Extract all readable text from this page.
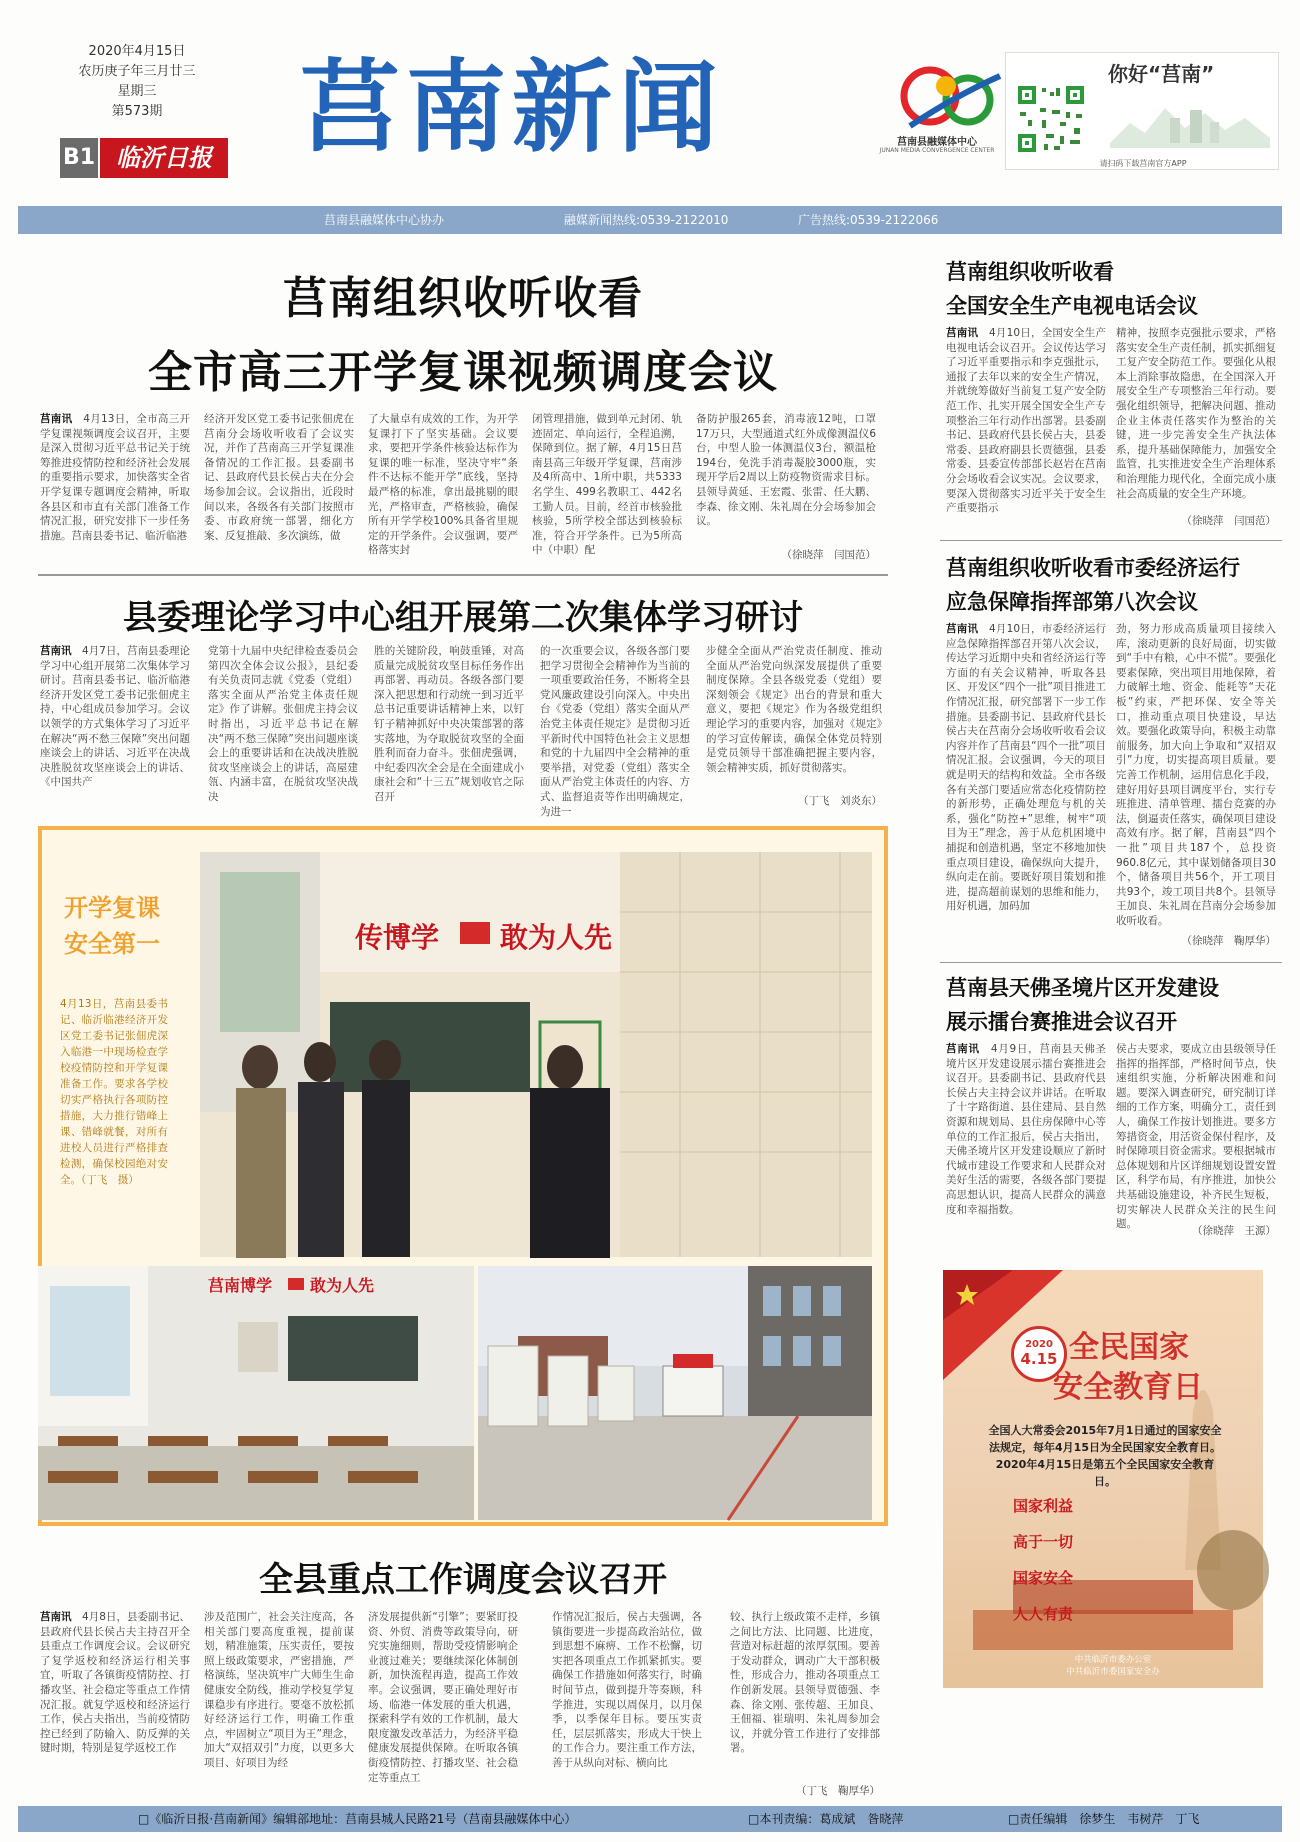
2020年4月15日
农历庚子年三月廿三
星期三
第573期
B1 临沂日报 莒南新闻	莒南县融媒体中心
JUNAN MEDIA CONVERGENCE CENTER
你好“莒南”
请扫码下载莒南官方APP
莒南县融媒体中心协办	融媒新闻热线:0539-2122010	广告热线:0539-2122066
莒南组织收听收看
全市高三开学复课视频调度会议
莒南讯　 4月13日，全市高三开学复课视频调度会议召开，主要是深入贯彻习近平总书记关于统筹推进疫情防控和经济社会发展的重要指示要求，加快落实全省开学复课专题调度会精神，听取各县区和市直有关部门准备工作情况汇报，研究安排下一步任务措施。莒南县委书记、临沂临港
经济开发区党工委书记张佃虎在莒南分会场收听收看了会议实况，并作了莒南高三开学复课准备情况的工作汇报。县委副书记、县政府代县长侯占夫在分会场参加会议。会议指出，近段时间以来，各级各有关部门按照市委、市政府统一部署，细化方案、反复推敲、多次演练，做
了大量卓有成效的工作，为开学复课打下了坚实基础。会议要求，要把开学条件核验达标作为复课的唯一标准，坚决守牢“条件不达标不能开学”底线，坚持最严格的标准，拿出最挑剔的眼光，严格审查，严格核验，确保所有开学学校100%具备省里规定的开学条件。会议强调，要严格落实封
闭管理措施，做到单元封闭、轨迹固定、单向运行，全程追溯，保障到位。据了解，4月15日莒南县高三年级开学复课，莒南涉及4所高中、1所中职，共5333名学生、499名教职工、442名工勤人员。目前，经首市核验批核验，5所学校全部达到核验标准，符合开学条件。已为5所高中（中职）配
备防护服265套，消毒液12吨，口罩17万只，大型通道式红外成像测温仪6台，中型人脸一体测温仪3台，额温枪194台，免洗手消毒凝胶3000瓶，实现开学后2周以上防疫物资需求目标。县领导黄延、王宏霞、张雷、任大鹏、李森、徐文刚、朱礼周在分会场参加会议。
（徐晓萍　闫国范）
县委理论学习中心组开展第二次集体学习研讨
莒南讯　 4月7日，莒南县委理论学习中心组开展第二次集体学习研讨。莒南县委书记、临沂临港经济开发区党工委书记张佃虎主持，中心组成员参加学习。会议以领学的方式集体学习了习近平在解决“两不愁三保障”突出问题座谈会上的讲话、习近平在决战决胜脱贫攻坚座谈会上的讲话、《中国共产
党第十九届中央纪律检查委员会第四次全体会议公报》，县纪委有关负责同志就《党委（党组）落实全面从严治党主体责任规定》作了讲解。张佃虎主持会议时指出，习近平总书记在解决“两不愁三保障”突出问题座谈会上的重要讲话和在决战决胜脱贫攻坚座谈会上的讲话，高屋建瓴、内涵丰富，在脱贫攻坚决战决
胜的关键阶段，响鼓重锤，对高质量完成脱贫攻坚目标任务作出再部署、再动员。各级各部门要深入把思想和行动统一到习近平总书记重要讲话精神上来，以钉钉子精神抓好中央决策部署的落实落地，为夺取脱贫攻坚的全面胜利而奋力奋斗。张佃虎强调，中纪委四次全会是在全面建成小康社会和“十三五”规划收官之际召开
的一次重要会议，各级各部门要把学习贯彻全会精神作为当前的一项重要政治任务，不断将全县党风廉政建设引向深入。中央出台《党委（党组）落实全面从严治党主体责任规定》是贯彻习近平新时代中国特色社会主义思想和党的十九届四中全会精神的重要举措，对党委（党组）落实全面从严治党主体责任的内容、方式、监督追责等作出明确规定，为进一
步健全全面从严治党责任制度、推动全面从严治党向纵深发展提供了重要制度保障。全县各级党委（党组）要深刻领会《规定》出台的背景和重大意义，要把《规定》作为各级党组织理论学习的重要内容，加强对《规定》的学习宣传解读，确保全体党员特别是党员领导干部准确把握主要内容，领会精神实质，抓好贯彻落实。
（丁飞　刘炎东）
开学复课
安全第一
4月13日，莒南县委书记、临沂临港经济开发区党工委书记张佃虎深入临港一中现场检查学校疫情防控和开学复课准备工作。要求各学校切实严格执行各项防控措施，大力推行错峰上课、错峰就餐，对所有进校人员进行严格排查检测，确保校园绝对安全。（丁飞　摄）
传博学 敢为人先
莒南博学 敢为人先
莒南组织收听收看
全国安全生产电视电话会议
莒南讯　 4月10日，全国安全生产电视电话会议召开。会议传达学习了习近平重要指示和李克强批示，通报了去年以来的安全生产情况，并就统筹做好当前复工复产安全防范工作、扎实开展全国安全生产专项整治三年行动作出部署。县委副书记、县政府代县长侯占夫，县委常委、县政府副县长贾德强，县委常委、县委宣传部部长赵岩在莒南分会场收看会议实况。会议要求，要深入贯彻落实习近平关于安全生产重要指示
精神，按照李克强批示要求，严格落实安全生产责任制，抓实抓细复工复产安全防范工作。要强化从根本上消除事故隐患，在全国深入开展安全生产专项整治三年行动。要强化组织领导，把解决问题、推动企业主体责任落实作为整治的关键，进一步完善安全生产执法体系，提升基础保障能力，加强安全监管，扎实推进安全生产治理体系和治理能力现代化，全面完成小康社会高质量的安全生产环境。
（徐晓萍　闫国范）
莒南组织收听收看市委经济运行
应急保障指挥部第八次会议
莒南讯　 4月10日，市委经济运行应急保障指挥部召开第八次会议，传达学习近期中央和省经济运行等方面的有关会议精神，听取各县区、开发区“四个一批”项目推进工作情况汇报，研究部署下一步工作措施。县委副书记、县政府代县长侯占夫在莒南分会场收听收看会议内容并作了莒南县“四个一批”项目情况汇报。会议强调，今天的项目就是明天的结构和效益。全市各级各有关部门要适应常态化疫情防控的新形势，正确处理危与机的关系，强化“防控+”思维，树牢“项目为王”理念，善于从危机困境中捕捉和创造机遇，坚定不移地加快重点项目建设，确保纵向大提升，纵向走在前。要既好项目策划和推进，提高超前谋划的思维和能力，用好机遇，加码加
劲，努力形成高质量项目接续入库，滚动更新的良好局面，切实做到“手中有粮，心中不慌”。要强化要素保障，突出项目用地保障，着力破解土地、资金、能耗等“天花板”约束，严把环保、安全等关口，推动重点项目快建设，早达效。要强化政策导向，积极主动靠前服务，加大向上争取和“双招双引”力度，切实提高项目质量。要完善工作机制，运用信息化手段，建好用好县项目调度平台，实行专班推进、清单管理、擂台竞赛的办法，倒逼责任落实，确保项目建设高效有序。据了解，莒南县“四个一批”项目共187个，总投资960.8亿元，其中谋划储备项目30个，储备项目共56个，开工项目共93个，竣工项目共8个。县领导王加良、朱礼周在莒南分会场参加收听收看。
（徐晓萍　鞠厚华）
莒南县天佛圣境片区开发建设
展示擂台赛推进会议召开
莒南讯　 4月9日，莒南县天佛圣境片区开发建设展示擂台赛推进会议召开。县委副书记、县政府代县长侯占夫主持会议并讲话。在听取了十字路街道、县住建局、县自然资源和规划局、县住房保障中心等单位的工作汇报后，侯占夫指出，天佛圣境片区开发建设顺应了新时代城市建设工作要求和人民群众对美好生活的需要，各级各部门要提高思想认识，提高人民群众的满意度和幸福指数。
侯占夫要求，要成立由县级领导任指挥的指挥部，严格时间节点，快速组织实施，分析解决困难和问题。要深入调查研究，研究制订详细的工作方案，明确分工，责任到人，确保工作按计划推进。要多方筹措资金，用活资金保付程序，及时保障项目资金需求。要根据城市总体规划和片区详细规划设置安置区，科学布局，有序推进，加快公共基础设施建设，补齐民生短板，切实解决人民群众关注的民生问题。
（徐晓萍　王源）
2020
4.15 全民国家
安全教育日
全国人大常委会2015年7月1日通过的国家安全法规定，每年4月15日为全民国家安全教育日。2020年4月15日是第五个全民国家安全教育日。
国家利益
高于一切
国家安全
人人有责
中共临沂市委办公室
中共临沂市委国家安全办
全县重点工作调度会议召开
莒南讯　 4月8日，县委副书记、县政府代县长侯占夫主持召开全县重点工作调度会议。会议研究了复学返校和经济运行相关事宜，听取了各镇街疫情防控、打播攻坚、社会稳定等重点工作情况汇报。就复学返校和经济运行工作，侯占夫指出，当前疫情防控已经到了防输入、防反弹的关键时期，特别是复学返校工作
涉及范围广，社会关注度高，各相关部门要高度重视，提前谋划，精准施策，压实责任，要按照上级政策要求，严密措施，严格演练，坚决筑牢广大师生生命健康安全防线，推动学校复学复课稳步有序进行。要毫不放松抓好经济运行工作，明确工作重点，牢固树立“项目为王”理念，加大“双招双引”力度，以更多大项目、好项目为经
济发展提供新“引擎”；要紧盯投资、外贸、消费等政策导向，研究实施细则，帮助受疫情影响企业渡过难关；要继续深化体制创新，加快流程再造，提高工作效率。会议强调，要正确处理好市场、临港一体发展的重大机遇，探索科学有效的工作机制，最大限度激发改革活力，为经济平稳健康发展提供保障。在听取各镇街疫情防控、打播攻坚、社会稳定等重点工
作情况汇报后，侯占夫强调，各镇街要进一步提高政治站位，做到思想不麻痹、工作不松懈，切实把各项重点工作抓紧抓实。要确保工作措施如何落实行，时确时间节点，做到提升等奏顾，科学推进，实现以周保月，以月保季，以季保年目标。要压实责任，层层抓落实，形成大干快上的工作合力。要注重工作方法，善于从纵向对标、横向比
较、执行上级政策不走样，乡镇之间比方法、比同题、比进度，营造对标赶超的浓厚氛围。要善于发动群众，调动广大干部积极性，形成合力，推动各项重点工作创新发展。县领导贾德强、李森、徐文刚、张传超、王加良、王佃福、崔瑞明、朱礼周参加会议，并就分管工作进行了安排部署。
（丁飞　鞠厚华）
□《临沂日报·莒南新闻》编辑部地址：莒南县城人民路21号（莒南县融媒体中心）	□本刊责编：葛成斌　昝晓萍	□责任编辑　徐梦生　韦树芹　丁飞
